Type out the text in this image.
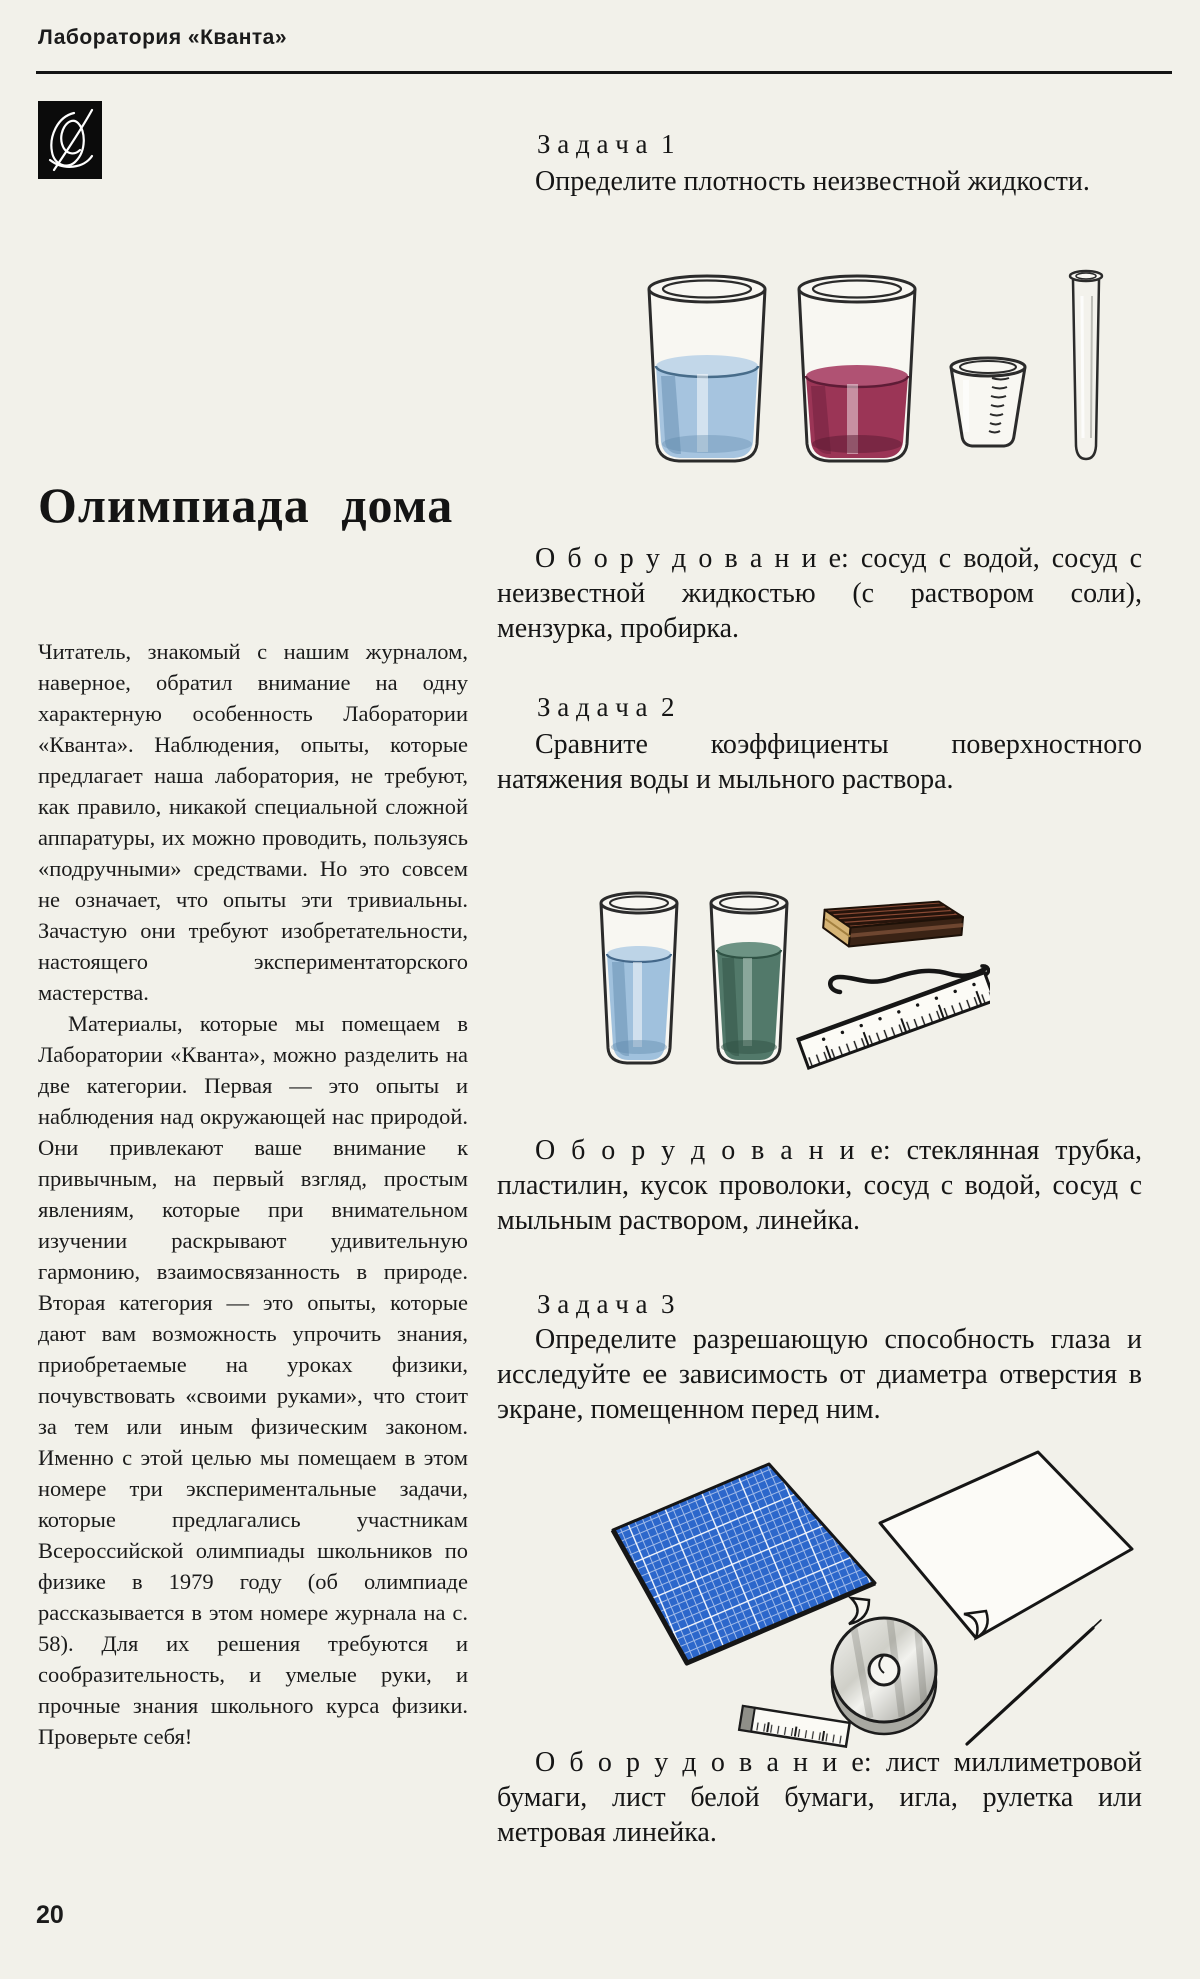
Лаборатория «Кванта»
Олимпиада дома

Читатель, знакомый с нашим журналом, наверное, обратил внимание на одну характерную особенность Лаборатории «Кванта». Наблюдения, опыты, которые предлагает наша лаборатория, не требуют, как правило, никакой специальной сложной аппаратуры, их можно проводить, пользуясь «подручными» средствами. Но это совсем не означает, что опыты эти тривиальны. Зачастую они требуют изобретательности, настоящего экспериментаторского мастерства.

Материалы, которые мы помещаем в Лаборатории «Кванта», можно разделить на две категории. Первая — это опыты и наблюдения над окружающей нас природой. Они привлекают ваше внимание к привычным, на первый взгляд, простым явлениям, которые при внимательном изучении раскрывают удивительную гармонию, взаимосвязанность в природе. Вторая категория — это опыты, которые дают вам возможность упрочить знания, приобретаемые на уроках физики, почувствовать «своими руками», что стоит за тем или иным физическим законом. Именно с этой целью мы помещаем в этом номере три экспериментальные задачи, которые предлагались участникам Всероссийской олимпиады школьников по физике в 1979 году (об олимпиаде рассказывается в этом номере журнала на с. 58). Для их решения требуются и сообразительность, и умелые руки, и прочные знания школьного курса физики. Проверьте себя!

20
З а д а ч а  1
Определите плотность неизвестной жидкости.

О б о р у д о в а н и е: сосуд с водой, сосуд с неизвестной жидкостью (с раствором соли), мензурка, пробирка.

З а д а ч а  2
Сравните коэффициенты поверхностного натяжения воды и мыльного раствора.

О б о р у д о в а н и е: стеклянная трубка, пластилин, кусок проволоки, сосуд с водой, сосуд с мыльным раствором, линейка.

З а д а ч а  3
Определите разрешающую способность глаза и исследуйте ее зависимость от диаметра отверстия в экране, помещенном перед ним.

О б о р у д о в а н и е: лист миллиметровой бумаги, лист белой бумаги, игла, рулетка или метровая линейка.
